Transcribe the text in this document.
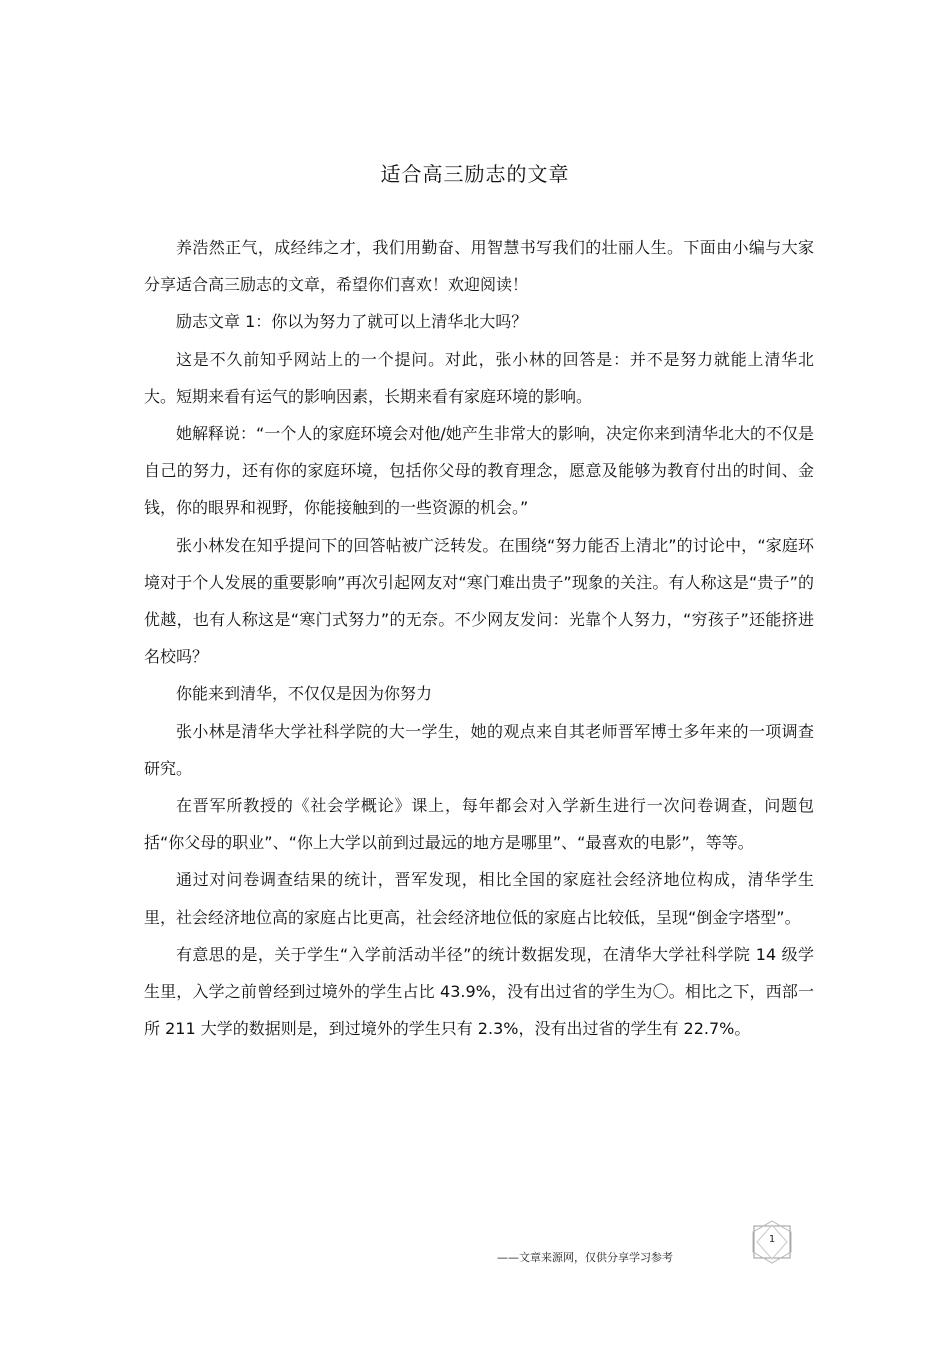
适合高三励志的文章

养浩然正气，成经纬之才，我们用勤奋、用智慧书写我们的壮丽人生。下面由小编与大家分享适合高三励志的文章，希望你们喜欢！欢迎阅读！

励志文章 1：你以为努力了就可以上清华北大吗？

这是不久前知乎网站上的一个提问。对此，张小林的回答是：并不是努力就能上清华北大。短期来看有运气的影响因素，长期来看有家庭环境的影响。

她解释说：“一个人的家庭环境会对他/她产生非常大的影响，决定你来到清华北大的不仅是自己的努力，还有你的家庭环境，包括你父母的教育理念，愿意及能够为教育付出的时间、金钱，你的眼界和视野，你能接触到的一些资源的机会。”

张小林发在知乎提问下的回答帖被广泛转发。在围绕“努力能否上清北”的讨论中，“家庭环境对于个人发展的重要影响”再次引起网友对“寒门难出贵子”现象的关注。有人称这是“贵子”的优越，也有人称这是“寒门式努力”的无奈。不少网友发问：光靠个人努力，“穷孩子”还能挤进名校吗？

你能来到清华，不仅仅是因为你努力

张小林是清华大学社科学院的大一学生，她的观点来自其老师晋军博士多年来的一项调查研究。

在晋军所教授的《社会学概论》课上，每年都会对入学新生进行一次问卷调查，问题包括“你父母的职业”、“你上大学以前到过最远的地方是哪里”、“最喜欢的电影”，等等。

通过对问卷调查结果的统计，晋军发现，相比全国的家庭社会经济地位构成，清华学生里，社会经济地位高的家庭占比更高，社会经济地位低的家庭占比较低，呈现“倒金字塔型”。

有意思的是，关于学生“入学前活动半径”的统计数据发现，在清华大学社科学院 14 级学生里，入学之前曾经到过境外的学生占比 43.9%，没有出过省的学生为〇。相比之下，西部一所 211 大学的数据则是，到过境外的学生只有 2.3%，没有出过省的学生有 22.7%。

1
——文章来源网，仅供分享学习参考
